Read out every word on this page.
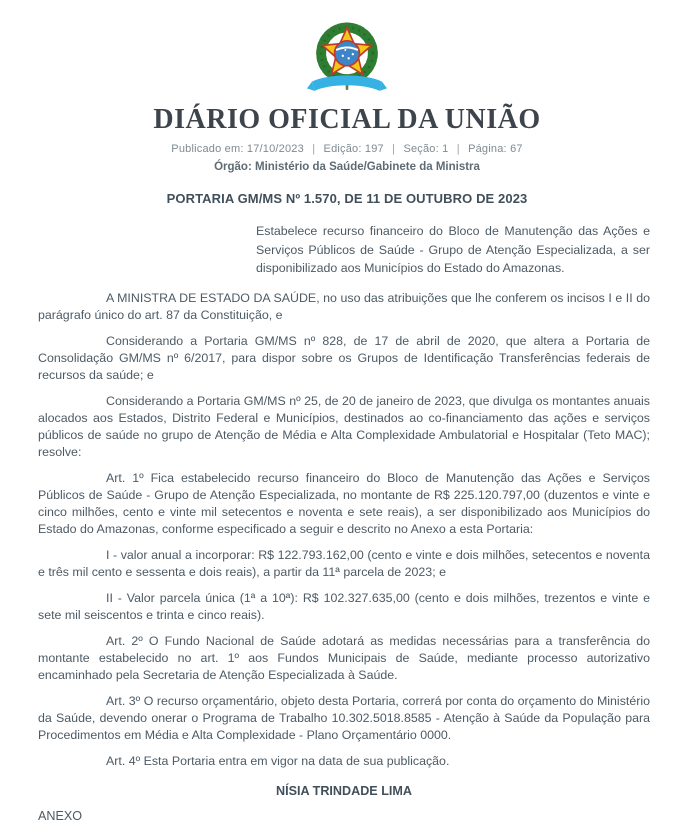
DIÁRIO OFICIAL DA UNIÃO
Publicado em: 17/10/2023 | Edição: 197 | Seção: 1 | Página: 67
Órgão: Ministério da Saúde/Gabinete da Ministra
PORTARIA GM/MS Nº 1.570, DE 11 DE OUTUBRO DE 2023
Estabelece recurso financeiro do Bloco de Manutenção das Ações e Serviços Públicos de Saúde - Grupo de Atenção Especializada, a ser disponibilizado aos Municípios do Estado do Amazonas.

A MINISTRA DE ESTADO DA SAÚDE, no uso das atribuições que lhe conferem os incisos I e II do parágrafo único do art. 87 da Constituição, e

Considerando a Portaria GM/MS nº 828, de 17 de abril de 2020, que altera a Portaria de Consolidação GM/MS nº 6/2017, para dispor sobre os Grupos de Identificação Transferências federais de recursos da saúde; e

Considerando a Portaria GM/MS nº 25, de 20 de janeiro de 2023, que divulga os montantes anuais alocados aos Estados, Distrito Federal e Municípios, destinados ao co-financiamento das ações e serviços públicos de saúde no grupo de Atenção de Média e Alta Complexidade Ambulatorial e Hospitalar (Teto MAC); resolve:

Art. 1º Fica estabelecido recurso financeiro do Bloco de Manutenção das Ações e Serviços Públicos de Saúde - Grupo de Atenção Especializada, no montante de R$ 225.120.797,00 (duzentos e vinte e cinco milhões, cento e vinte mil setecentos e noventa e sete reais), a ser disponibilizado aos Municípios do Estado do Amazonas, conforme especificado a seguir e descrito no Anexo a esta Portaria:

I - valor anual a incorporar: R$ 122.793.162,00 (cento e vinte e dois milhões, setecentos e noventa e três mil cento e sessenta e dois reais), a partir da 11ª parcela de 2023; e

II - Valor parcela única (1ª a 10ª): R$ 102.327.635,00 (cento e dois milhões, trezentos e vinte e sete mil seiscentos e trinta e cinco reais).

Art. 2º O Fundo Nacional de Saúde adotará as medidas necessárias para a transferência do montante estabelecido no art. 1º aos Fundos Municipais de Saúde, mediante processo autorizativo encaminhado pela Secretaria de Atenção Especializada à Saúde.

Art. 3º O recurso orçamentário, objeto desta Portaria, correrá por conta do orçamento do Ministério da Saúde, devendo onerar o Programa de Trabalho 10.302.5018.8585 - Atenção à Saúde da População para Procedimentos em Média e Alta Complexidade - Plano Orçamentário 0000.

Art. 4º Esta Portaria entra em vigor na data de sua publicação.

NÍSIA TRINDADE LIMA
ANEXO
